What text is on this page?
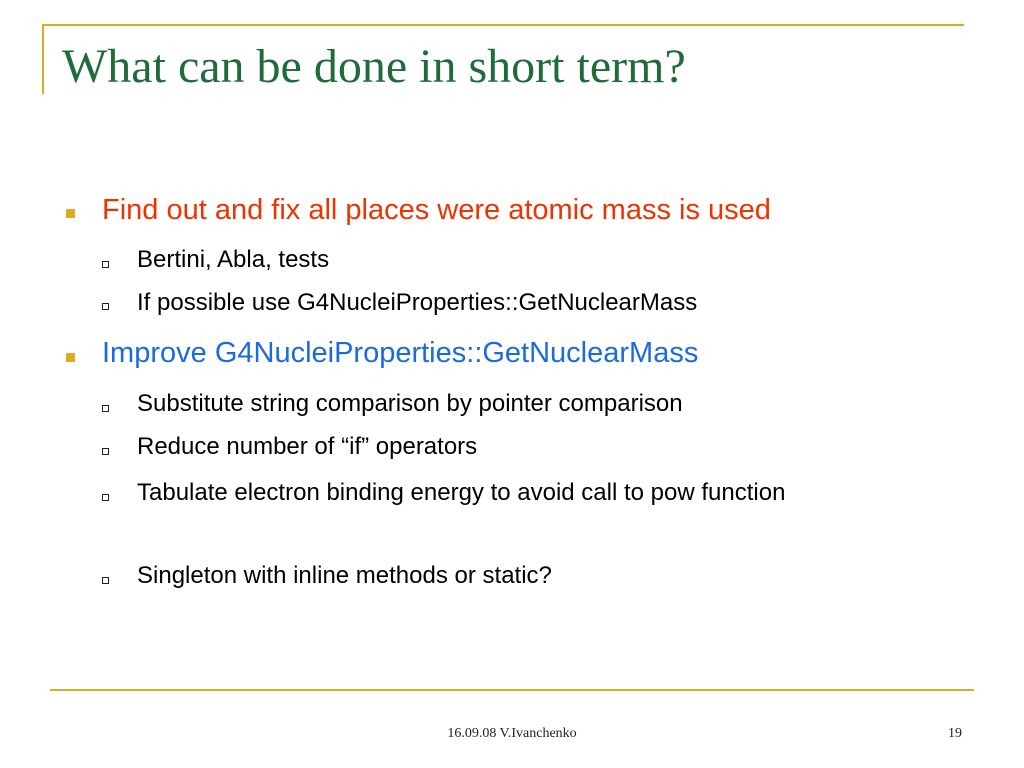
What can be done in short term?
Find out and fix all places were atomic mass is used
Bertini, Abla, tests
If possible use G4NucleiProperties::GetNuclearMass
Improve G4NucleiProperties::GetNuclearMass
Substitute string comparison by pointer comparison
Reduce number of “if” operators
Tabulate electron binding energy to avoid call to pow function
Singleton with inline methods or static?
16.09.08 V.Ivanchenko	19
